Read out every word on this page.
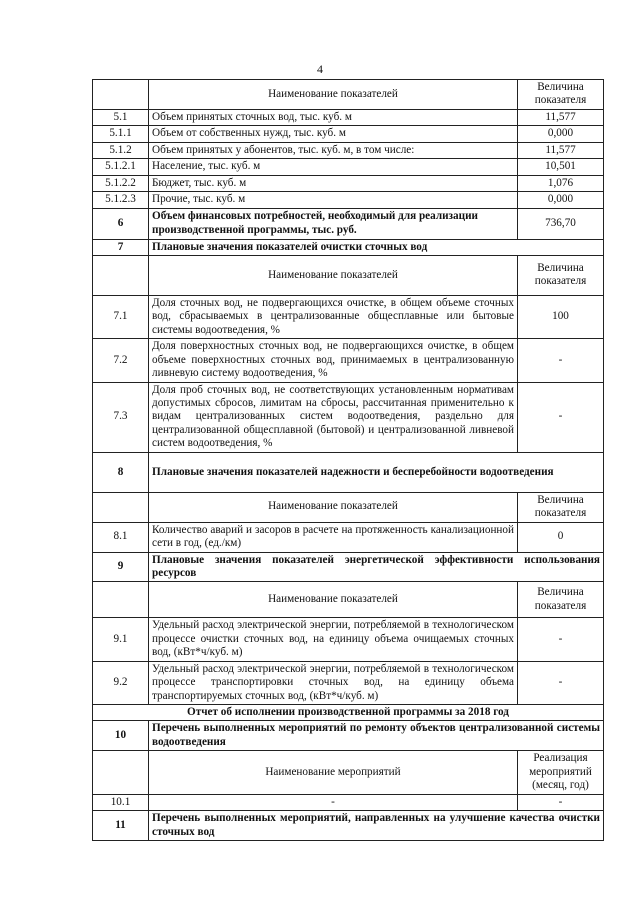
4
	Наименование показателей	Величина показателя
5.1	Объем принятых сточных вод, тыс. куб. м	11,577
5.1.1	Объем от собственных нужд, тыс. куб. м	0,000
5.1.2	Объем принятых у абонентов, тыс. куб. м, в том числе:	11,577
5.1.2.1	Население, тыс. куб. м	10,501
5.1.2.2	Бюджет, тыс. куб. м	1,076
5.1.2.3	Прочие, тыс. куб. м	0,000
6	Объем финансовых потребностей, необходимый для реализации производственной программы, тыс. руб.	736,70
7	Плановые значения показателей очистки сточных вод	
	Наименование показателей	Величина показателя
7.1	Доля сточных вод, не подвергающихся очистке, в общем объеме сточных вод, сбрасываемых в централизованные общесплавные или бытовые системы водоотведения, %	100
7.2	Доля поверхностных сточных вод, не подвергающихся очистке, в общем объеме поверхностных сточных вод, принимаемых в централизованную ливневую систему водоотведения, %	-
7.3	Доля проб сточных вод, не соответствующих установленным нормативам допустимых сбросов, лимитам на сбросы, рассчитанная применительно к видам централизованных систем водоотведения, раздельно для централизованной общесплавной (бытовой) и централизованной ливневой систем водоотведения, %	-
8	Плановые значения показателей надежности и бесперебойности водоотведения	
	Наименование показателей	Величина показателя
8.1	Количество аварий и засоров в расчете на протяженность канализационной сети в год, (ед./км)	0
9	Плановые значения показателей энергетической эффективности использования ресурсов	
	Наименование показателей	Величина показателя
9.1	Удельный расход электрической энергии, потребляемой в технологическом процессе очистки сточных вод, на единицу объема очищаемых сточных вод, (кВт*ч/куб. м)	-
9.2	Удельный расход электрической энергии, потребляемой в технологическом процессе транспортировки сточных вод, на единицу объема транспортируемых сточных вод, (кВт*ч/куб. м)	-
Отчет об исполнении производственной программы за 2018 год		
10	Перечень выполненных мероприятий по ремонту объектов централизованной системы водоотведения	
	Наименование мероприятий	Реализация мероприятий (месяц, год)
10.1	-	-
11	Перечень выполненных мероприятий, направленных на улучшение качества очистки сточных вод	
